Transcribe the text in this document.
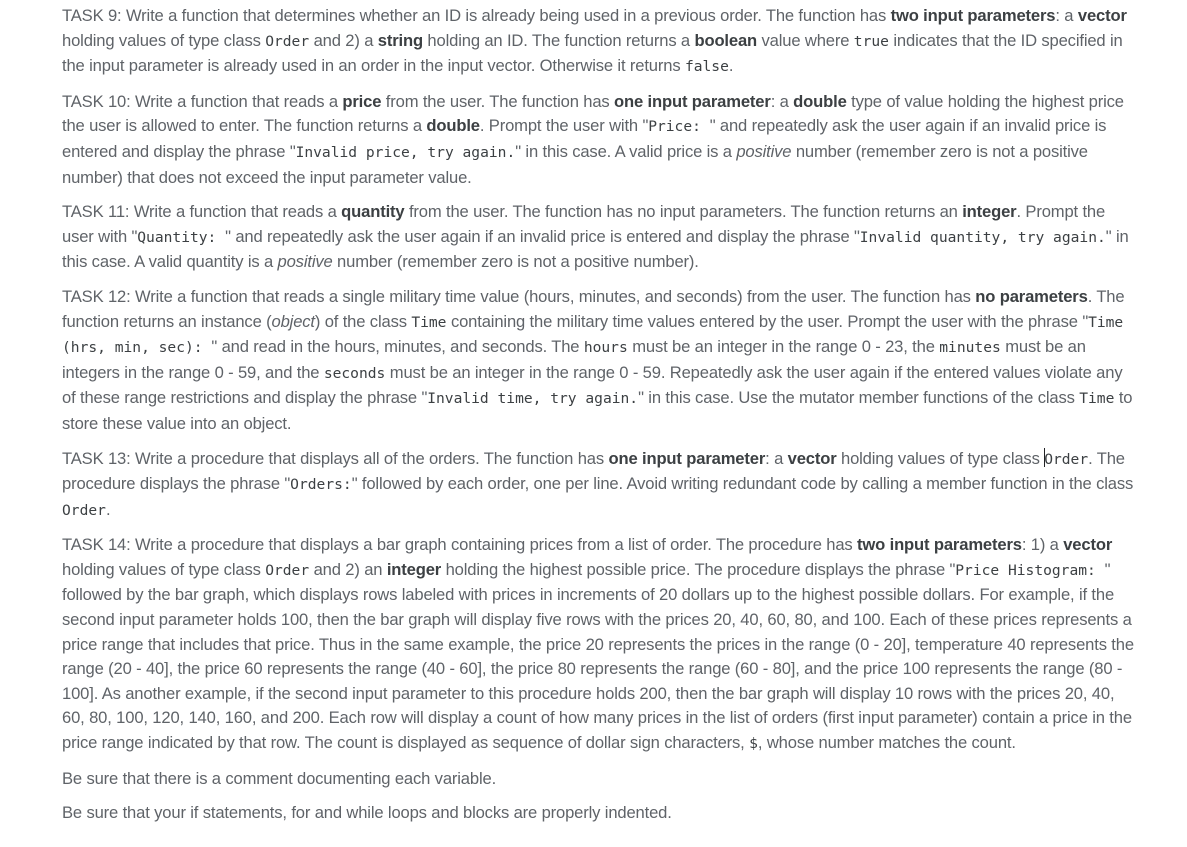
TASK 9: Write a function that determines whether an ID is already being used in a previous order. The function has two input parameters: a vector holding values of type class Order and 2) a string holding an ID. The function returns a boolean value where true indicates that the ID specified in the input parameter is already used in an order in the input vector. Otherwise it returns false.

TASK 10: Write a function that reads a price from the user. The function has one input parameter: a double type of value holding the highest price the user is allowed to enter. The function returns a double. Prompt the user with "Price: " and repeatedly ask the user again if an invalid price is entered and display the phrase "Invalid price, try again." in this case. A valid price is a positive number (remember zero is not a positive number) that does not exceed the input parameter value.

TASK 11: Write a function that reads a quantity from the user. The function has no input parameters. The function returns an integer. Prompt the user with "Quantity: " and repeatedly ask the user again if an invalid price is entered and display the phrase "Invalid quantity, try again." in this case. A valid quantity is a positive number (remember zero is not a positive number).

TASK 12: Write a function that reads a single military time value (hours, minutes, and seconds) from the user. The function has no parameters. The function returns an instance (object) of the class Time containing the military time values entered by the user. Prompt the user with the phrase "Time (hrs, min, sec): " and read in the hours, minutes, and seconds. The hours must be an integer in the range 0 - 23, the minutes must be an integers in the range 0 - 59, and the seconds must be an integer in the range 0 - 59. Repeatedly ask the user again if the entered values violate any of these range restrictions and display the phrase "Invalid time, try again." in this case. Use the mutator member functions of the class Time to store these value into an object.

TASK 13: Write a procedure that displays all of the orders. The function has one input parameter: a vector holding values of type class Order. The procedure displays the phrase "Orders:" followed by each order, one per line. Avoid writing redundant code by calling a member function in the class Order.

TASK 14: Write a procedure that displays a bar graph containing prices from a list of order. The procedure has two input parameters: 1) a vector holding values of type class Order and 2) an integer holding the highest possible price. The procedure displays the phrase "Price Histogram: " followed by the bar graph, which displays rows labeled with prices in increments of 20 dollars up to the highest possible dollars. For example, if the second input parameter holds 100, then the bar graph will display five rows with the prices 20, 40, 60, 80, and 100. Each of these prices represents a price range that includes that price. Thus in the same example, the price 20 represents the prices in the range (0 - 20], temperature 40 represents the range (20 - 40], the price 60 represents the range (40 - 60], the price 80 represents the range (60 - 80], and the price 100 represents the range (80 - 100]. As another example, if the second input parameter to this procedure holds 200, then the bar graph will display 10 rows with the prices 20, 40, 60, 80, 100, 120, 140, 160, and 200. Each row will display a count of how many prices in the list of orders (first input parameter) contain a price in the price range indicated by that row. The count is displayed as sequence of dollar sign characters, $, whose number matches the count.

Be sure that there is a comment documenting each variable.

Be sure that your if statements, for and while loops and blocks are properly indented.
